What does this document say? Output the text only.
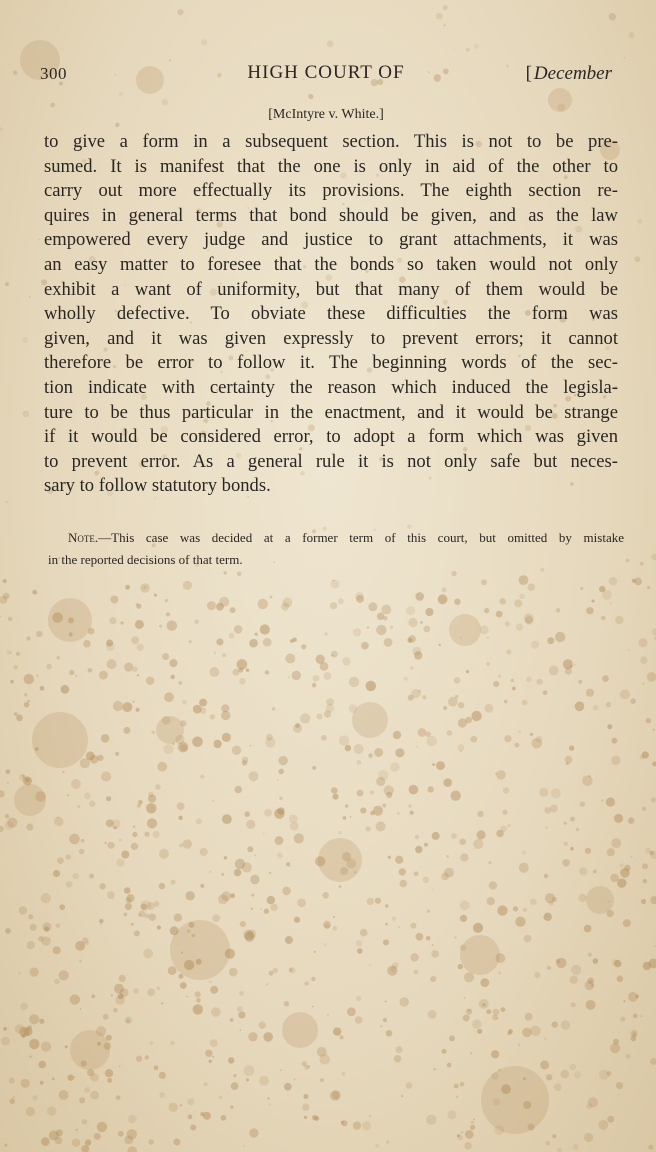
300	HIGH COURT OF	[ December
[McIntyre v. White.]
to give a form in a subsequent section. This is not to be pre-
sumed. It is manifest that the one is only in aid of the other to
carry out more effectually its provisions. The eighth section re-
quires in general terms that bond should be given, and as the law
empowered every judge and justice to grant attachments, it was
an easy matter to foresee that the bonds so taken would not only
exhibit a want of uniformity, but that many of them would be
wholly defective. To obviate these difficulties the form was
given, and it was given expressly to prevent errors; it cannot
therefore be error to follow it. The beginning words of the sec-
tion indicate with certainty the reason which induced the legisla-
ture to be thus particular in the enactment, and it would be strange
if it would be considered error, to adopt a form which was given
to prevent error. As a general rule it is not only safe but neces-
sary to follow statutory bonds.
Note.—This case was decided at a former term of this court, but omitted by mistake
in the reported decisions of that term.
